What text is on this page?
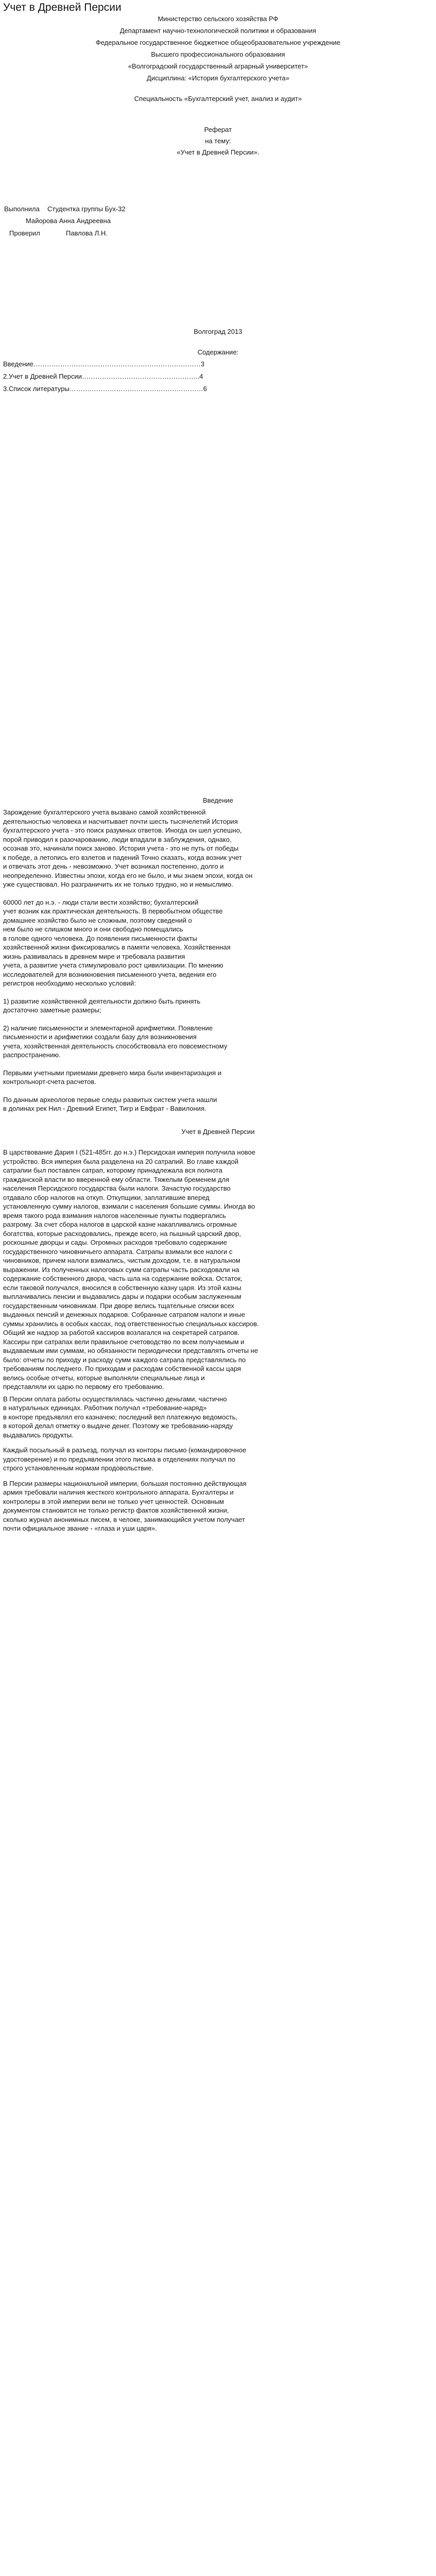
Учет в Древней Персии

Министерство сельского хозяйства РФ

Департамент научно-технологической политики и образования

Федеральное государственное бюджетное общеобразовательное учреждение

Высшего профессионального образования

«Волгоградский государственный аграрный университет»

Дисциплина: «История бухгалтерского учета»

Специальность «Бухгалтерский учет, анализ и аудит»

Реферат

на тему:

«Учет в Древней Персии».

Выполнила Студентка группы Бух-32
Майорова Анна Андреевна
Проверил	Павлова Л.Н.

Волгоград 2013

Содержание:

Введение…………………………………………………………………3

2.Учет в Древней Персии……………………………………………..4

3.Список литературы……………………………………………………6

Введение

Зарождение бухгалтерского учета вызвано самой хозяйственной
деятельностью человека и насчитывает почти шесть тысячелетий История
бухгалтерского учета - это поиск разумных ответов. Иногда он шел успешно,
порой приводил к разочарованию, люди впадали в заблуждения, однако,
осознав это, начинали поиск заново. История учета - это не путь от победы
к победе, а летопись его взлетов и падений Точно сказать, когда возник учет
и отвечать этот день - невозможно. Учет возникал постепенно, долго и
неопределенно. Известны эпохи, когда его не было, и мы знаем эпохи, когда он
уже существовал. Но разграничить их не только трудно, но и немыслимо.

60000 лет до н.э. - люди стали вести хозяйство; бухгалтерский
учет возник как практическая деятельность. В первобытном обществе
домашнее хозяйство было не сложным, поэтому сведений о
нем было не слишком много и они свободно помещались
в голове одного человека. До появления письменности факты
хозяйственной жизни фиксировались в памяти человека. Хозяйственная
жизнь развивалась в древнем мире и требовала развития
учета, а развитие учета стимулировало рост цивилизации. По мнению
исследователей для возникновения письменного учета, ведения его
регистров необходимо несколько условий:

1) развитие хозяйственной деятельности должно быть принять
достаточно заметные размеры;

2) наличие письменности и элементарной арифметики. Появление
письменности и арифметики создали базу для возникновения
учета, хозяйственная деятельность способствовала его повсеместному
распространению.

Первыми учетными приемами древнего мира были инвентаризация и
контрольнорт-счета расчетов.

По данным археологов первые следы развитых систем учета нашли
в долинах рек Нил - Древний Египет, Тигр и Евфрат - Вавилония.

Учет в Древней Персии

В царствование Дария I (521-485гг. до н.э.) Персидская империя получила новое
устройство. Вся империя была разделена на 20 сатрапий. Во главе каждой
сатрапии был поставлен сатрап, которому принадлежала вся полнота
гражданской власти во вверенной ему области. Тяжелым бременем для
населения Персидского государства были налоги. Зачастую государство
отдавало сбор налогов на откуп. Откупщики, заплатившие вперед
установленную сумму налогов, взимали с населения большие суммы. Иногда во
время такого рода взимания налогов населенные пункты подвергались
разгрому. За счет сбора налогов в царской казне накапливались огромные
богатства, которые расходовались, прежде всего, на пышный царский двор,
роскошные дворцы и сады. Огромных расходов требовало содержание
государственного чиновничьего аппарата. Сатрапы взимали все налоги с
чиновников, причем налоги взимались, чистым доходом, т.е. в натуральном
выражении. Из полученных налоговых сумм сатрапы часть расходовали на
содержание собственного двора, часть шла на содержание войска. Остаток,
если таковой получался, вносился в собственную казну царя. Из этой казны
выплачивались пенсии и выдавались дары и подарки особым заслуженным
государственным чиновникам. При дворе велись тщательные списки всех
выданных пенсий и денежных подарков. Собранные сатрапом налоги и иные
суммы хранились в особых кассах, под ответственностью специальных кассиров.
Общий же надзор за работой кассиров возлагался на секретарей сатрапов.
Кассиры при сатрапах вели правильное счетоводство по всем получаемым и
выдаваемым ими суммам, но обязанности периодически представлять отчеты не
было: отчеты по приходу и расходу сумм каждого сатрапа представлялись по
требованиям последнего. По приходам и расходам собственной кассы царя
велись особые отчеты, которые выполняли специальные лица и
представляли их царю по первому его требованию.

В Персии оплата работы осуществлялась частично деньгами, частично
в натуральных единицах. Работник получал «требование-наряд»
в конторе предъявлял его казначею; последний вел платежную ведомость,
в которой делал отметку о выдаче денег. Поэтому же требованию-наряду
выдавались продукты.

Каждый посыльный в разъезд, получал из конторы письмо (командировочное
удостоверение) и по предъявлении этого письма в отделениях получал по
строго установленным нормам продовольствие.

В Персии размеры национальной империи, большая постоянно действующая
армия требовали наличия жесткого контрольного аппарата. Бухгалтеры и
контролеры в этой империи вели не только учет ценностей. Основным
документом становится не только регистр фактов хозяйственной жизни,
сколько журнал анонимных писем, в челоке, занимающийся учетом получает
почти официальное звание - «глаза и уши царя».
